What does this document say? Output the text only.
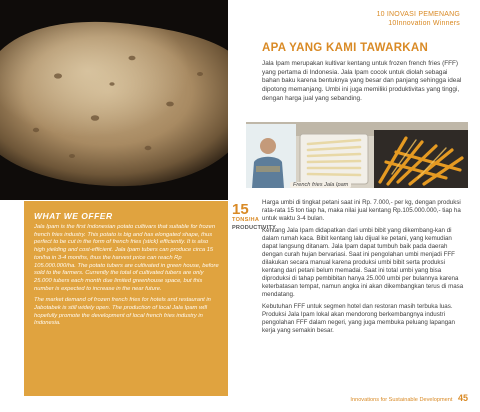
10 INOVASI PEMENANG
10Innovation Winners
APA YANG KAMI TAWARKAN

Jala Ipam merupakan kultivar kentang untuk frozen french fries (FFF) yang pertama di Indonesia. Jala Ipam cocok untuk diolah sebagai bahan baku karena bentuknya yang besar dan panjang sehingga ideal dipotong memanjang. Umbi ini juga memiliki produktivitas yang tinggi, dengan harga jual yang sebanding.

French fries Jala Ipam
15
TONS/HA
PRODUCTIVITY
WHAT WE OFFER

Jala Ipam is the first Indonesian potato cultivars that suitable for frozen french fries industry. This potato is big and has elongated shape, thus perfect to be cut in the form of french fries (stick) efficiently. It is also high yielding and cost-efficient. Jala Ipam tubers can produce circa 15 ton/ha in 3-4 months, thus the harvest price can reach Rp 105.000.000/ha. The potato tubers are cultivated in green house, before sold to the farmers. Currently the total of cultivated tubers are only 25.000 tubers each month due limited greenhouse space, but this number is expected to increase in the near future.

The market demand of frozen french fries for hotels and restaurant in Jabotabek is still widely open. The production of local Jala Ipam will hopefully promote the development of local french fries industry in Indonesia.

Harga umbi di tingkat petani saat ini Rp. 7.000,- per kg, dengan produksi rata-rata 15 ton tiap ha, maka nilai jual kentang Rp.105.000.000,- tiap ha untuk waktu 3-4 bulan.

Kentang Jala Ipam didapatkan dari umbi bibit yang dikembang-kan di dalam rumah kaca. Bibit kentang lalu dijual ke petani, yang kemudian dapat langsung ditanam. Jala Ipam dapat tumbuh baik pada daerah dengan curah hujan bervariasi. Saat ini pengolahan umbi menjadi FFF dilakukan secara manual karena produksi umbi bibit serta produksi kentang dari petani belum memadai. Saat ini total umbi yang bisa diproduksi di tahap pembibitan hanya 25.000 umbi per bulannya karena keterbatasan tempat, namun angka ini akan dikembangkan terus di masa mendatang.

Kebutuhan FFF untuk segmen hotel dan restoran masih terbuka luas. Produksi Jala Ipam lokal akan mendorong berkembangnya industri pengolahan FFF dalam negeri, yang juga membuka peluang lapangan kerja yang semakin besar.

Innovations for Sustainable Development 45
